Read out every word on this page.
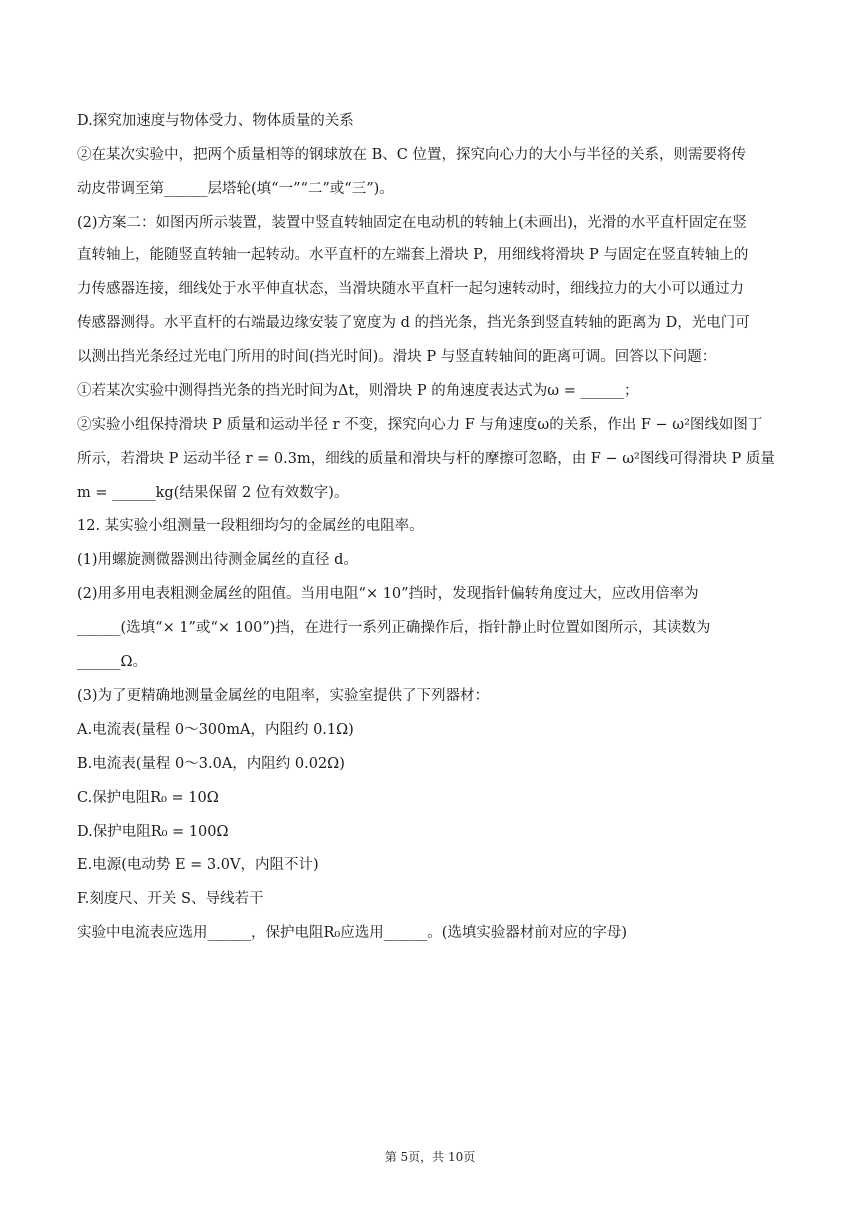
D.探究加速度与物体受力、物体质量的关系
②在某次实验中，把两个质量相等的钢球放在 B、C 位置，探究向心力的大小与半径的关系，则需要将传
动皮带调至第______层塔轮(填“一”“二”或“三”)。
(2)方案二：如图丙所示装置，装置中竖直转轴固定在电动机的转轴上(未画出)，光滑的水平直杆固定在竖
直转轴上，能随竖直转轴一起转动。水平直杆的左端套上滑块 P，用细线将滑块 P 与固定在竖直转轴上的
力传感器连接，细线处于水平伸直状态，当滑块随水平直杆一起匀速转动时，细线拉力的大小可以通过力
传感器测得。水平直杆的右端最边缘安装了宽度为 d 的挡光条，挡光条到竖直转轴的距离为 D，光电门可
以测出挡光条经过光电门所用的时间(挡光时间)。滑块 P 与竖直转轴间的距离可调。回答以下问题：
①若某次实验中测得挡光条的挡光时间为Δt，则滑块 P 的角速度表达式为ω = ______；
②实验小组保持滑块 P 质量和运动半径 r 不变，探究向心力 F 与角速度ω的关系，作出 F − ω²图线如图丁
所示，若滑块 P 运动半径 r = 0.3m，细线的质量和滑块与杆的摩擦可忽略，由 F − ω²图线可得滑块 P 质量
m = ______kg(结果保留 2 位有效数字)。
12. 某实验小组测量一段粗细均匀的金属丝的电阻率。
(1)用螺旋测微器测出待测金属丝的直径 d。
(2)用多用电表粗测金属丝的阻值。当用电阻“× 10”挡时，发现指针偏转角度过大，应改用倍率为
______(选填“× 1”或“× 100”)挡，在进行一系列正确操作后，指针静止时位置如图所示，其读数为
______Ω。
(3)为了更精确地测量金属丝的电阻率，实验室提供了下列器材：
A.电流表(量程 0～300mA，内阻约 0.1Ω)
B.电流表(量程 0～3.0A，内阻约 0.02Ω)
C.保护电阻R₀ = 10Ω
D.保护电阻R₀ = 100Ω
E.电源(电动势 E = 3.0V，内阻不计)
F.刻度尺、开关 S、导线若干
实验中电流表应选用______，保护电阻R₀应选用______。(选填实验器材前对应的字母)
第 5页，共 10页
